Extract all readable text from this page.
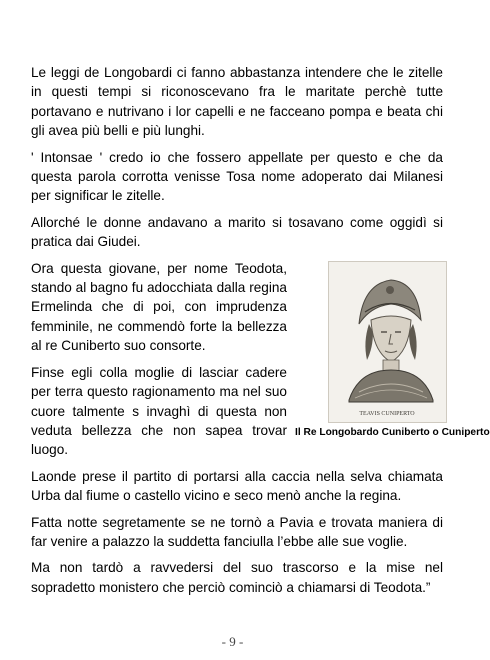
Le leggi de Longobardi ci fanno abbastanza intendere che le zitelle in questi tempi si riconoscevano fra le maritate perchè tutte portavano e nutrivano i lor capelli e ne facceano pompa e beata chi gli avea più belli e più lunghi.

' Intonsae ' credo io che fossero appellate per questo e che da questa parola corrotta venisse Tosa nome adoperato dai Milanesi per significar le zitelle.

Allorché le donne andavano a marito si tosavano come oggidì si pratica dai Giudei.

TEAVIS CUNIPERTO
Il Re Longobardo Cuniberto o Cuniperto

Ora questa giovane, per nome Teodota, stando al bagno fu adocchiata dalla regina Ermelinda che di poi, con imprudenza femminile, ne commendò forte la bellezza al re Cuniberto suo consorte.

Finse egli colla moglie di lasciar cadere per terra questo ragionamento ma nel suo cuore talmente s invaghì di questa non veduta bellezza che non sapea trovar luogo.

Laonde prese il partito di portarsi alla caccia nella selva chiamata Urba dal fiume o castello vicino e seco menò anche la regina.

Fatta notte segretamente se ne tornò a Pavia e trovata maniera di far venire a palazzo la suddetta fanciulla l’ebbe alle sue voglie.

Ma non tardò a ravvedersi del suo trascorso e la mise nel sopradetto monistero che perciò cominciò a chiamarsi di Teodota.”

- 9 -
